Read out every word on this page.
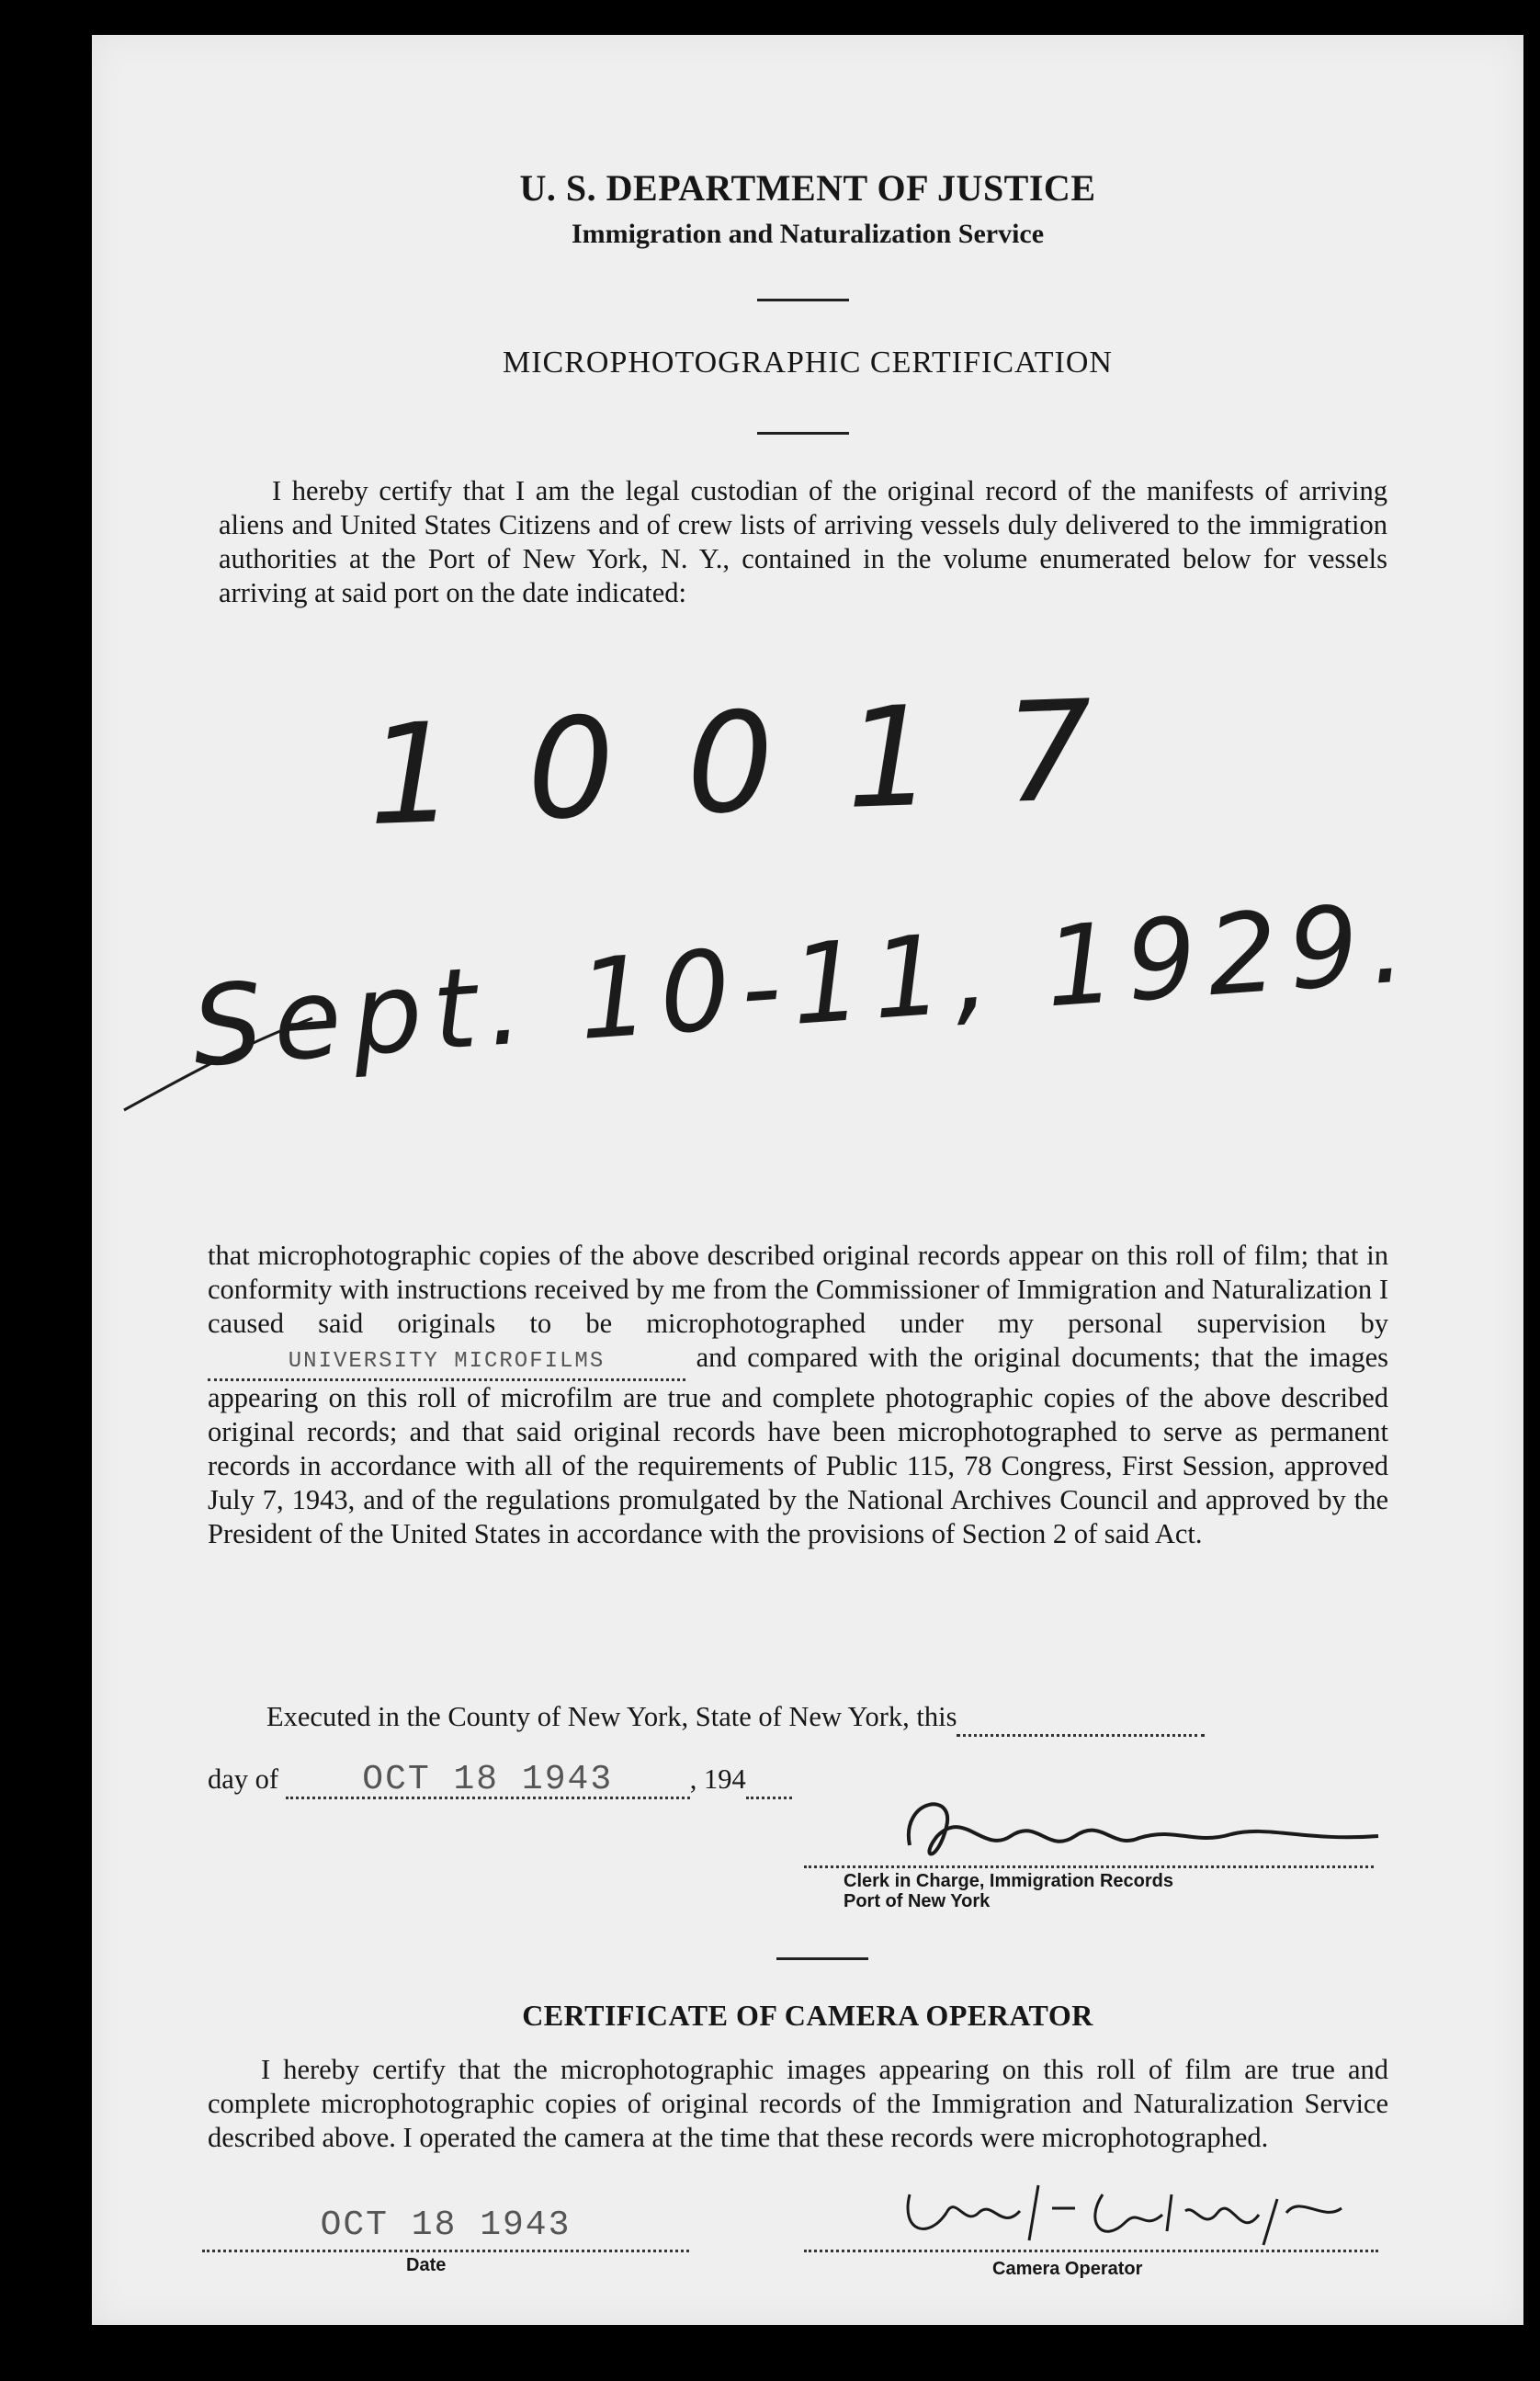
U. S. DEPARTMENT OF JUSTICE
Immigration and Naturalization Service
MICROPHOTOGRAPHIC CERTIFICATION
I hereby certify that I am the legal custodian of the original record of the manifests of arriving aliens and United States Citizens and of crew lists of arriving vessels duly delivered to the immigration authorities at the Port of New York, N. Y., contained in the volume enumerated below for vessels arriving at said port on the date indicated:
10017
Sept. 10-11, 1929.
that microphotographic copies of the above described original records appear on this roll of film; that in conformity with instructions received by me from the Commissioner of Immigration and Naturalization I caused said originals to be microphotographed under my personal supervision by UNIVERSITY MICROFILMS	and compared with the original documents; that the images appearing on this roll of microfilm are true and complete photographic copies of the above described original records; and that said original records have been microphotographed to serve as permanent records in accordance with all of the requirements of Public 115, 78 Congress, First Session, approved July 7, 1943, and of the regulations promulgated by the National Archives Council and approved by the President of the United States in accordance with the provisions of Section 2 of said Act.
Executed in the County of New York, State of New York, this
day of OCT 18 1943	, 194
Clerk in Charge, Immigration Records
Port of New York
CERTIFICATE OF CAMERA OPERATOR
I hereby certify that the microphotographic images appearing on this roll of film are true and complete microphotographic copies of original records of the Immigration and Naturalization Service described above. I operated the camera at the time that these records were microphotographed.
OCT 18 1943
Date	Camera Operator
